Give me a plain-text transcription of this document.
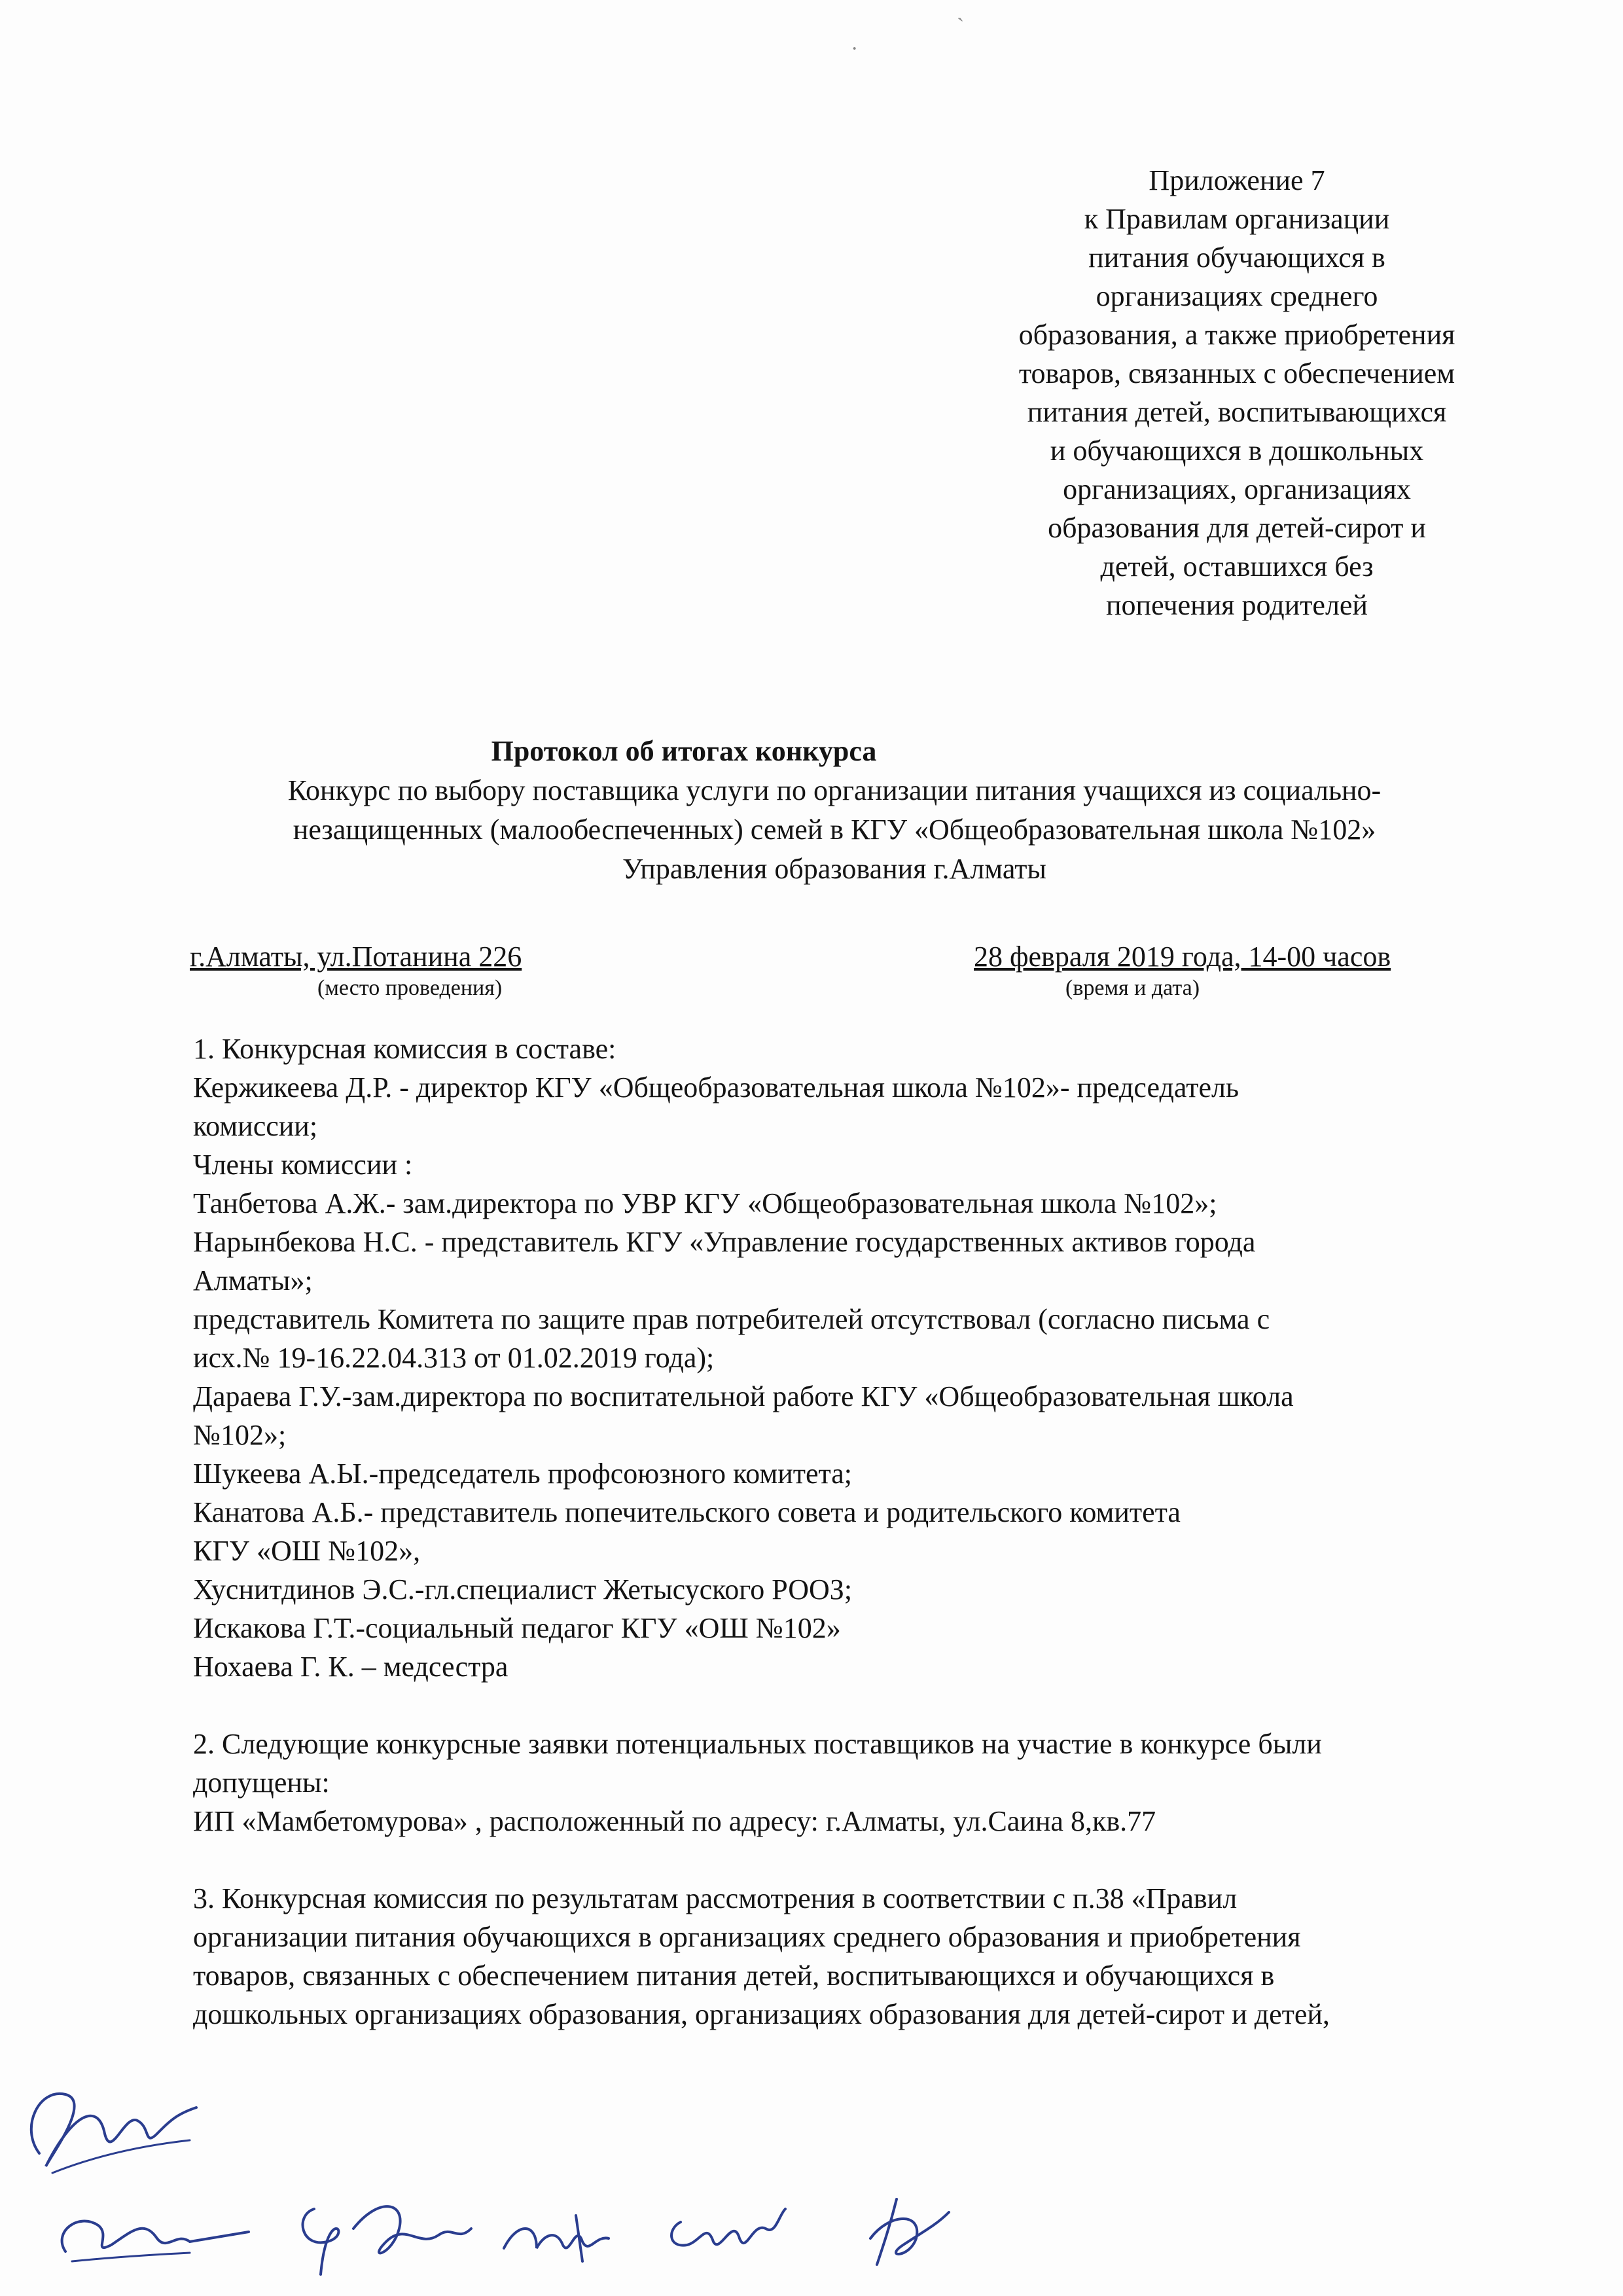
·
ˋ
Приложение 7
к Правилам организации
питания обучающихся в
организациях среднего
образования, а также приобретения
товаров, связанных с обеспечением
питания детей, воспитывающихся
и обучающихся в дошкольных
организациях, организациях
образования для детей-сирот и
детей, оставшихся без
попечения родителей
Протокол об итогах конкурса
Конкурс по выбору поставщика услуги по организации питания учащихся из социально-
незащищенных (малообеспеченных) семей в КГУ «Общеобразовательная школа №102»
Управления образования г.Алматы
г.Алматы, ул.Потанина 226
(место проведения)
28 февраля 2019 года, 14-00 часов
(время и дата)
1. Конкурсная комиссия в составе:
Кержикеева Д.Р. - директор КГУ «Общеобразовательная школа №102»- председатель
комиссии;
Члены комиссии :
Танбетова А.Ж.- зам.директора по УВР КГУ «Общеобразовательная школа №102»;
Нарынбекова Н.С. - представитель КГУ «Управление государственных активов города
Алматы»;
представитель Комитета по защите прав потребителей отсутствовал (согласно письма с
исх.№ 19-16.22.04.313 от 01.02.2019 года);
Дараева Г.У.-зам.директора по воспитательной работе КГУ «Общеобразовательная школа
№102»;
Шукеева А.Ы.-председатель профсоюзного комитета;
Канатова А.Б.- представитель попечительского совета и родительского комитета
КГУ «ОШ №102»,
Хуснитдинов Э.С.-гл.специалист Жетысуского РООЗ;
Искакова Г.Т.-социальный педагог КГУ «ОШ №102»
Нохаева Г. К. – медсестра
2. Следующие конкурсные заявки потенциальных поставщиков на участие в конкурсе были
допущены:
ИП «Мамбетомурова» , расположенный по адресу: г.Алматы, ул.Саина 8,кв.77
3. Конкурсная комиссия по результатам рассмотрения в соответствии с п.38 «Правил
организации питания обучающихся в организациях среднего образования и приобретения
товаров, связанных с обеспечением питания детей, воспитывающихся и обучающихся в
дошкольных организациях образования, организациях образования для детей-сирот и детей,
